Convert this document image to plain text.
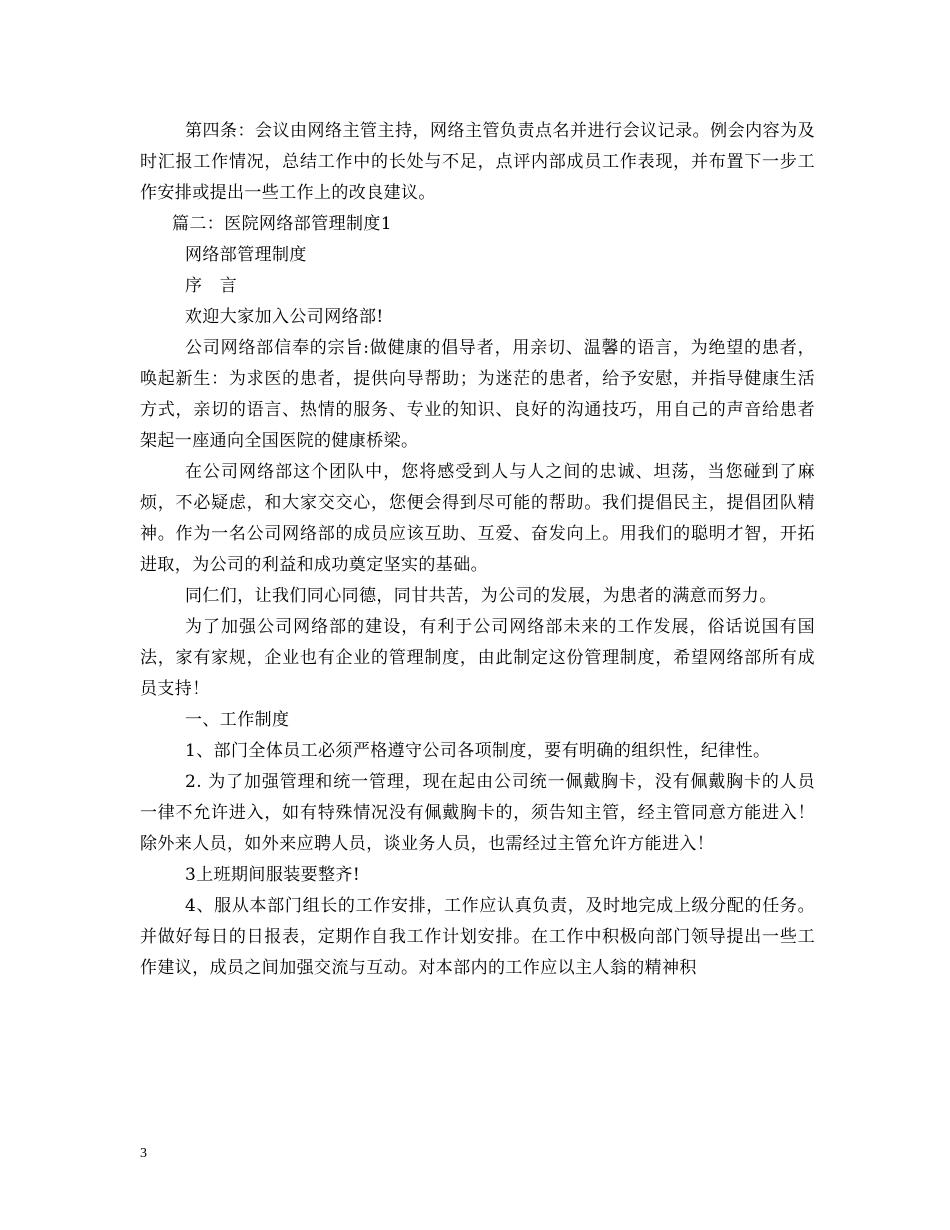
第四条：会议由网络主管主持，网络主管负责点名并进行会议记录。例会内容为及时汇报工作情况，总结工作中的长处与不足，点评内部成员工作表现，并布置下一步工作安排或提出一些工作上的改良建议。

篇二：医院网络部管理制度1

网络部管理制度

序　言

欢迎大家加入公司网络部!

公司网络部信奉的宗旨:做健康的倡导者，用亲切、温馨的语言，为绝望的患者，唤起新生：为求医的患者，提供向导帮助；为迷茫的患者，给予安慰，并指导健康生活方式，亲切的语言、热情的服务、专业的知识、良好的沟通技巧，用自己的声音给患者架起一座通向全国医院的健康桥梁。

在公司网络部这个团队中，您将感受到人与人之间的忠诚、坦荡，当您碰到了麻烦，不必疑虑，和大家交交心，您便会得到尽可能的帮助。我们提倡民主，提倡团队精神。作为一名公司网络部的成员应该互助、互爱、奋发向上。用我们的聪明才智，开拓进取，为公司的利益和成功奠定坚实的基础。

同仁们，让我们同心同德，同甘共苦，为公司的发展，为患者的满意而努力。

为了加强公司网络部的建设，有利于公司网络部未来的工作发展，俗话说国有国法，家有家规，企业也有企业的管理制度，由此制定这份管理制度，希望网络部所有成员支持！

一、工作制度

1、部门全体员工必须严格遵守公司各项制度，要有明确的组织性，纪律性。

2. 为了加强管理和统一管理，现在起由公司统一佩戴胸卡，没有佩戴胸卡的人员一律不允许进入，如有特殊情况没有佩戴胸卡的，须告知主管，经主管同意方能进入！除外来人员，如外来应聘人员，谈业务人员，也需经过主管允许方能进入！

3上班期间服装要整齐!

4、服从本部门组长的工作安排，工作应认真负责，及时地完成上级分配的任务。并做好每日的日报表，定期作自我工作计划安排。在工作中积极向部门领导提出一些工作建议，成员之间加强交流与互动。对本部内的工作应以主人翁的精神积

3
